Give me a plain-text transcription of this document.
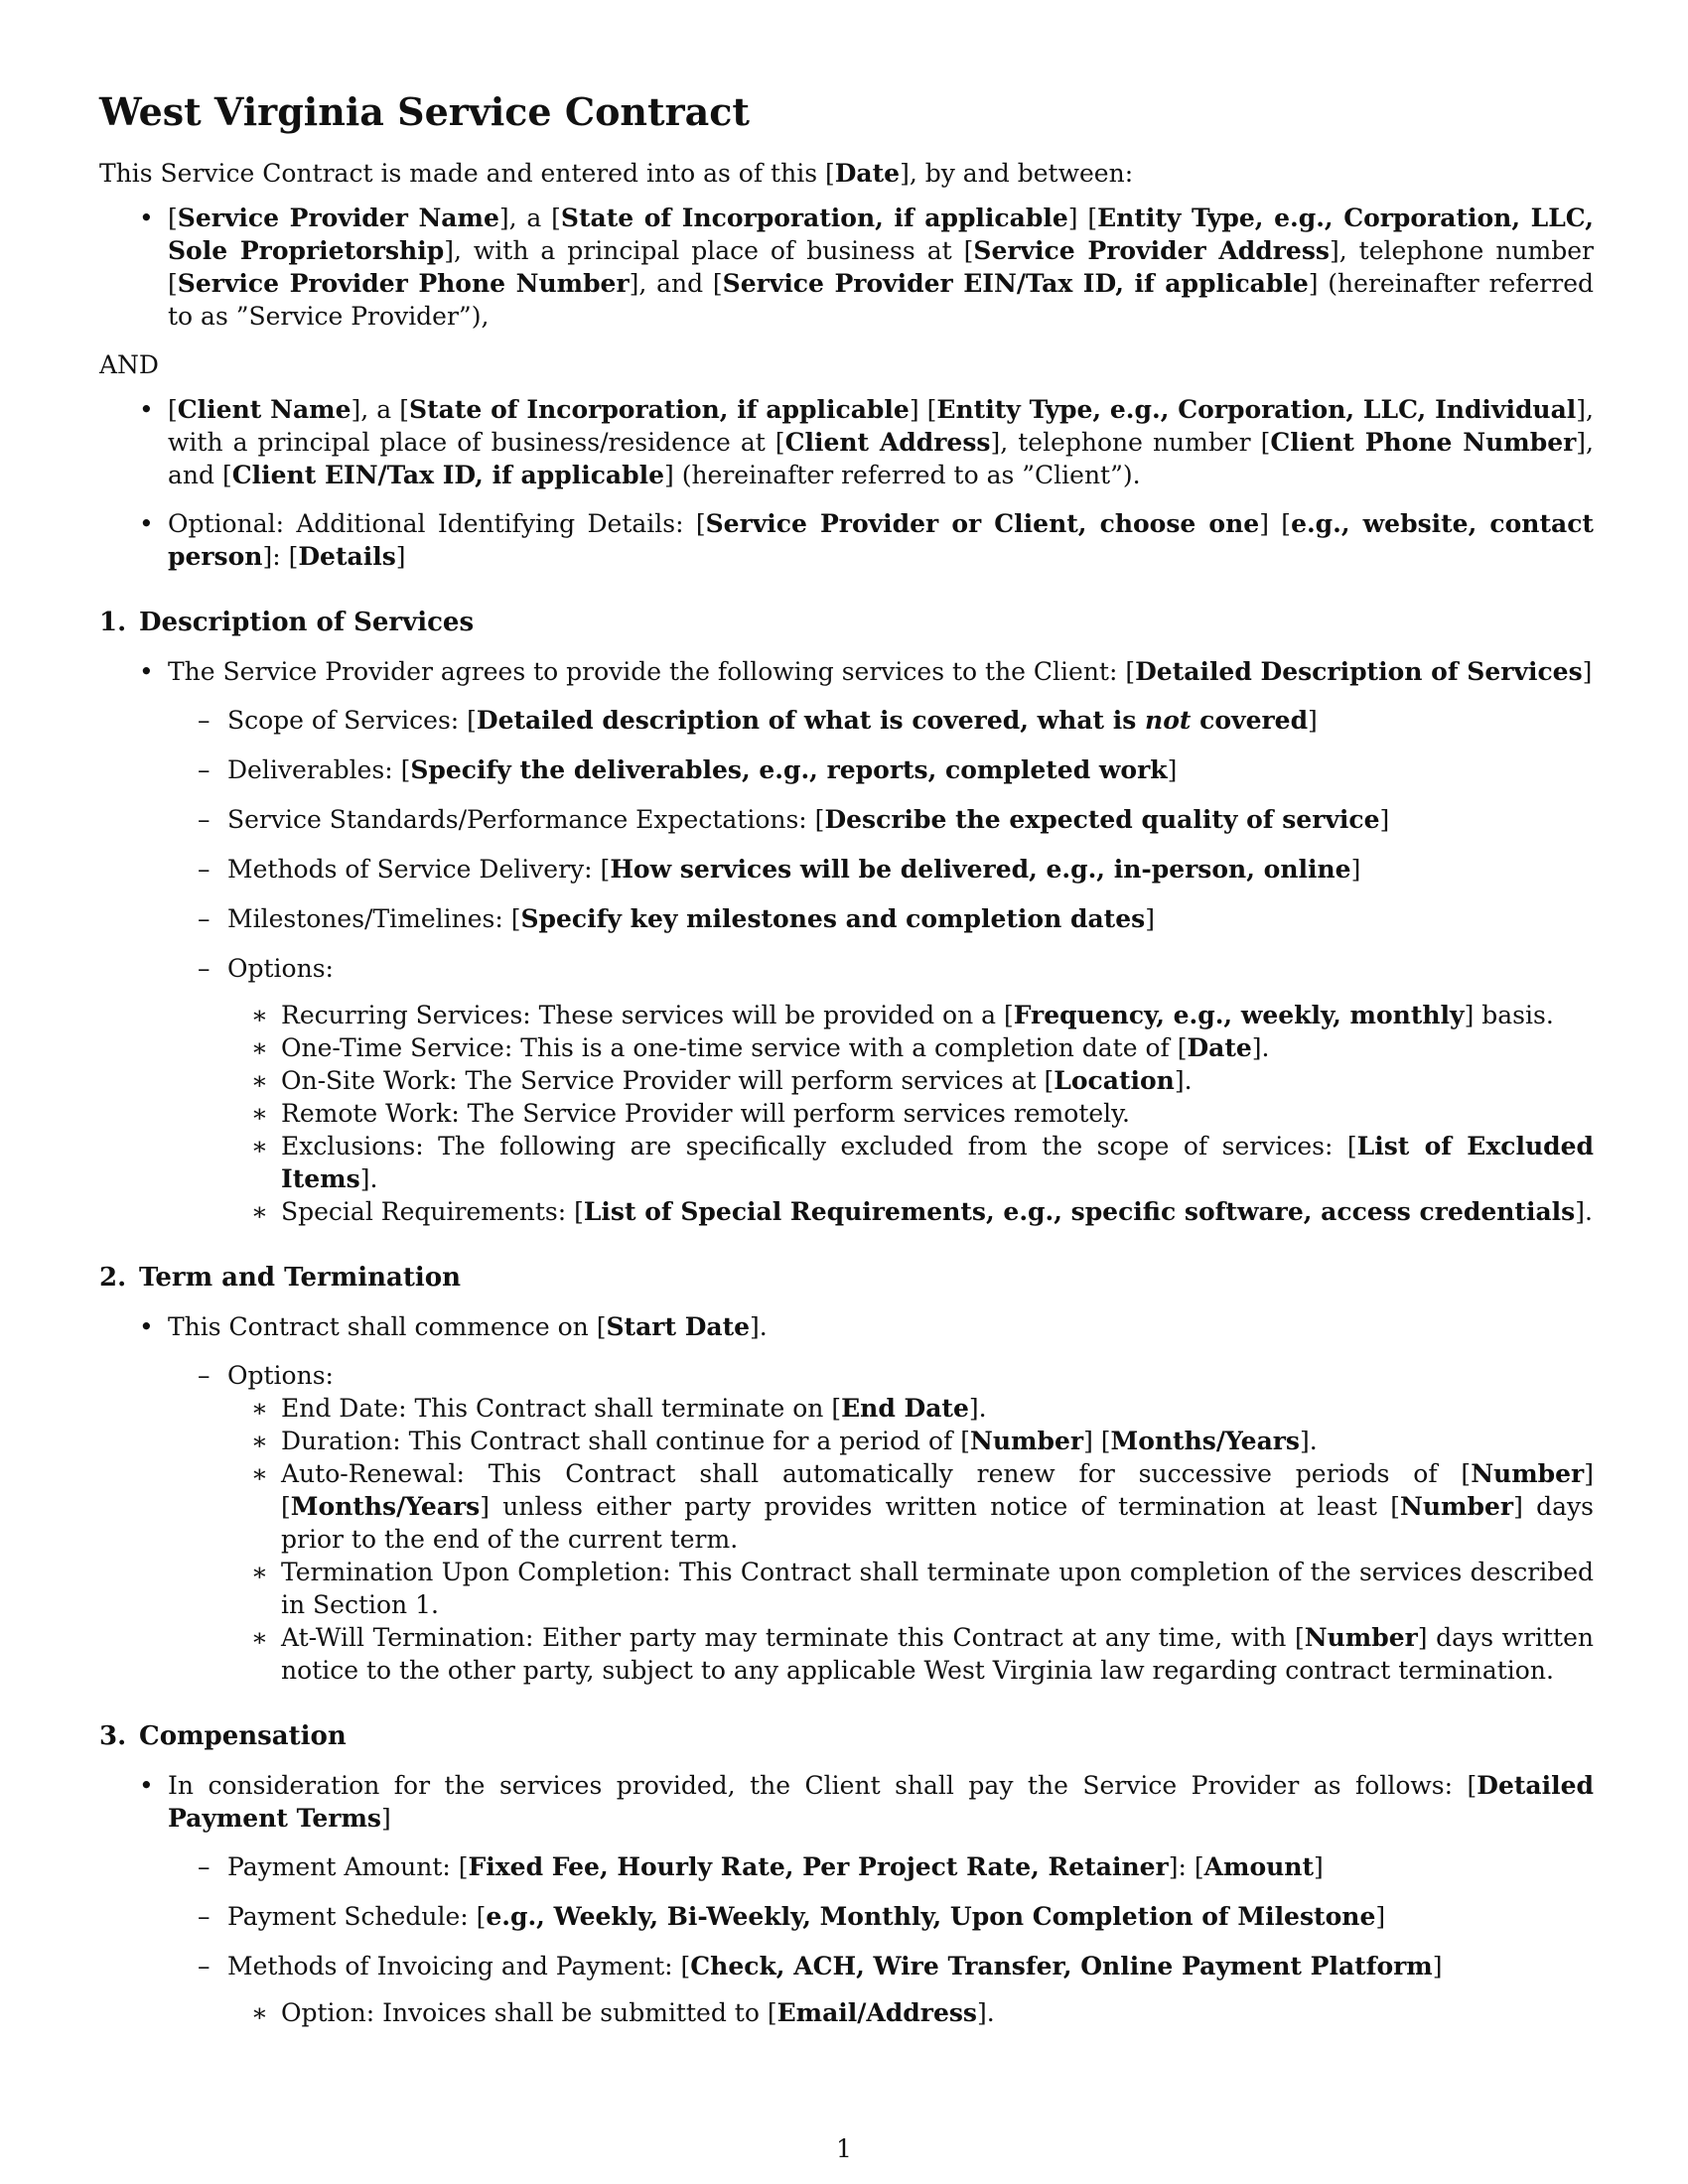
West Virginia Service Contract

This Service Contract is made and entered into as of this [Date], by and between:

• [Service Provider Name], a [State of Incorporation, if applicable] [Entity Type, e.g., Corporation, LLC, Sole Proprietorship], with a principal place of business at [Service Provider Address], telephone number [Service Provider Phone Number], and [Service Provider EIN/Tax ID, if applicable] (hereinafter referred to as ”Service Provider”),

AND

• [Client Name], a [State of Incorporation, if applicable] [Entity Type, e.g., Corporation, LLC, Individual], with a principal place of business/residence at [Client Address], telephone number [Client Phone Number], and [Client EIN/Tax ID, if applicable] (hereinafter referred to as ”Client”).
• Optional: Additional Identifying Details: [Service Provider or Client, choose one] [e.g., website, contact person]: [Details]

1. Description of Services

• The Service Provider agrees to provide the following services to the Client: [Detailed Description of Services]
– Scope of Services: [Detailed description of what is covered, what is not covered]
– Deliverables: [Specify the deliverables, e.g., reports, completed work]
– Service Standards/Performance Expectations: [Describe the expected quality of service]
– Methods of Service Delivery: [How services will be delivered, e.g., in-person, online]
– Milestones/Timelines: [Specify key milestones and completion dates]
– Options:
∗ Recurring Services: These services will be provided on a [Frequency, e.g., weekly, monthly] basis.
∗ One-Time Service: This is a one-time service with a completion date of [Date].
∗ On-Site Work: The Service Provider will perform services at [Location].
∗ Remote Work: The Service Provider will perform services remotely.
∗ Exclusions: The following are specifically excluded from the scope of services: [List of Excluded Items].
∗ Special Requirements: [List of Special Requirements, e.g., specific software, access credentials].

2. Term and Termination

• This Contract shall commence on [Start Date].
– Options:
∗ End Date: This Contract shall terminate on [End Date].
∗ Duration: This Contract shall continue for a period of [Number] [Months/Years].
∗ Auto-Renewal: This Contract shall automatically renew for successive periods of [Number] [Months/Years] unless either party provides written notice of termination at least [Number] days prior to the end of the current term.
∗ Termination Upon Completion: This Contract shall terminate upon completion of the services described in Section 1.
∗ At-Will Termination: Either party may terminate this Contract at any time, with [Number] days written notice to the other party, subject to any applicable West Virginia law regarding contract termination.

3. Compensation

• In consideration for the services provided, the Client shall pay the Service Provider as follows: [Detailed Payment Terms]
– Payment Amount: [Fixed Fee, Hourly Rate, Per Project Rate, Retainer]: [Amount]
– Payment Schedule: [e.g., Weekly, Bi-Weekly, Monthly, Upon Completion of Milestone]
– Methods of Invoicing and Payment: [Check, ACH, Wire Transfer, Online Payment Platform]
∗ Option: Invoices shall be submitted to [Email/Address].
1
